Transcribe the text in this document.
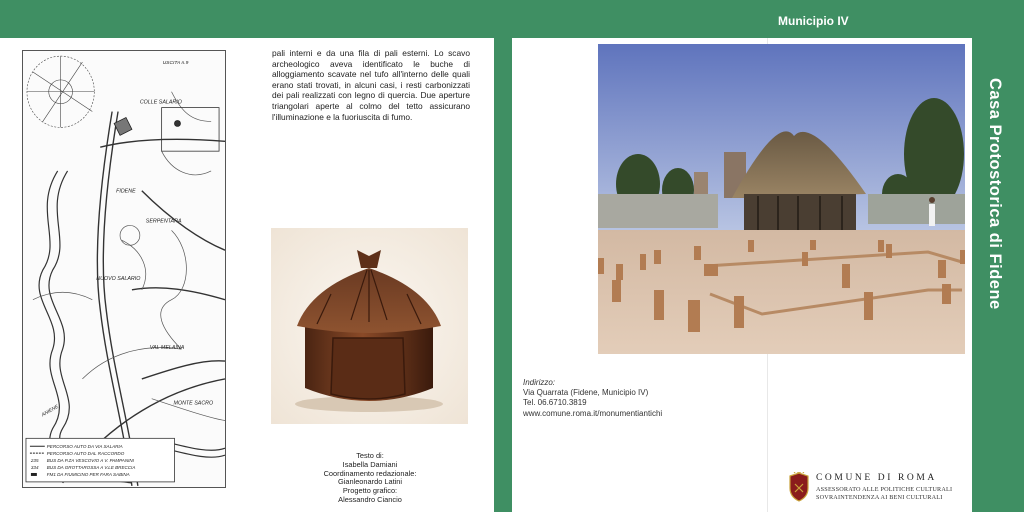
Municipio IV
Casa Protostorica di Fidene
USCITA n.9
COLLE SALARIO
FIDENE
SERPENTARA
NUOVO SALARIO
VAL MELAINA
MONTE SACRO
ANIENE
PERCORSO AUTO DA VIA SALARIA
PERCORSO AUTO DAL RACCORDO
235 BUS DA P.ZA VESCOVIO A V. PAMPANINI
334 BUS DA GROTTAROSSA A V.LE BRECCIA
FM1 DA FIUMICINO PER FARA SABINA
pali interni e da una fila di pali esterni. Lo scavo archeologico aveva identificato le buche di alloggiamento scavate nel tufo all'interno delle quali erano stati trovati, in alcuni casi, i resti carbonizzati dei pali realizzati con legno di quercia. Due aperture triangolari aperte al colmo del tetto assicurano l'illuminazione e la fuoriuscita di fumo.
Testo di:
Isabella Damiani
Coordinamento redazionale:
Gianleonardo Latini
Progetto grafico:
Alessandro Ciancio
Indirizzo:
Via Quarrata (Fidene, Municipio IV)
Tel. 06.6710.3819
www.comune.roma.it/monumentiantichi
COMUNE DI ROMA
ASSESSORATO ALLE POLITICHE CULTURALI
SOVRAINTENDENZA AI BENI CULTURALI
